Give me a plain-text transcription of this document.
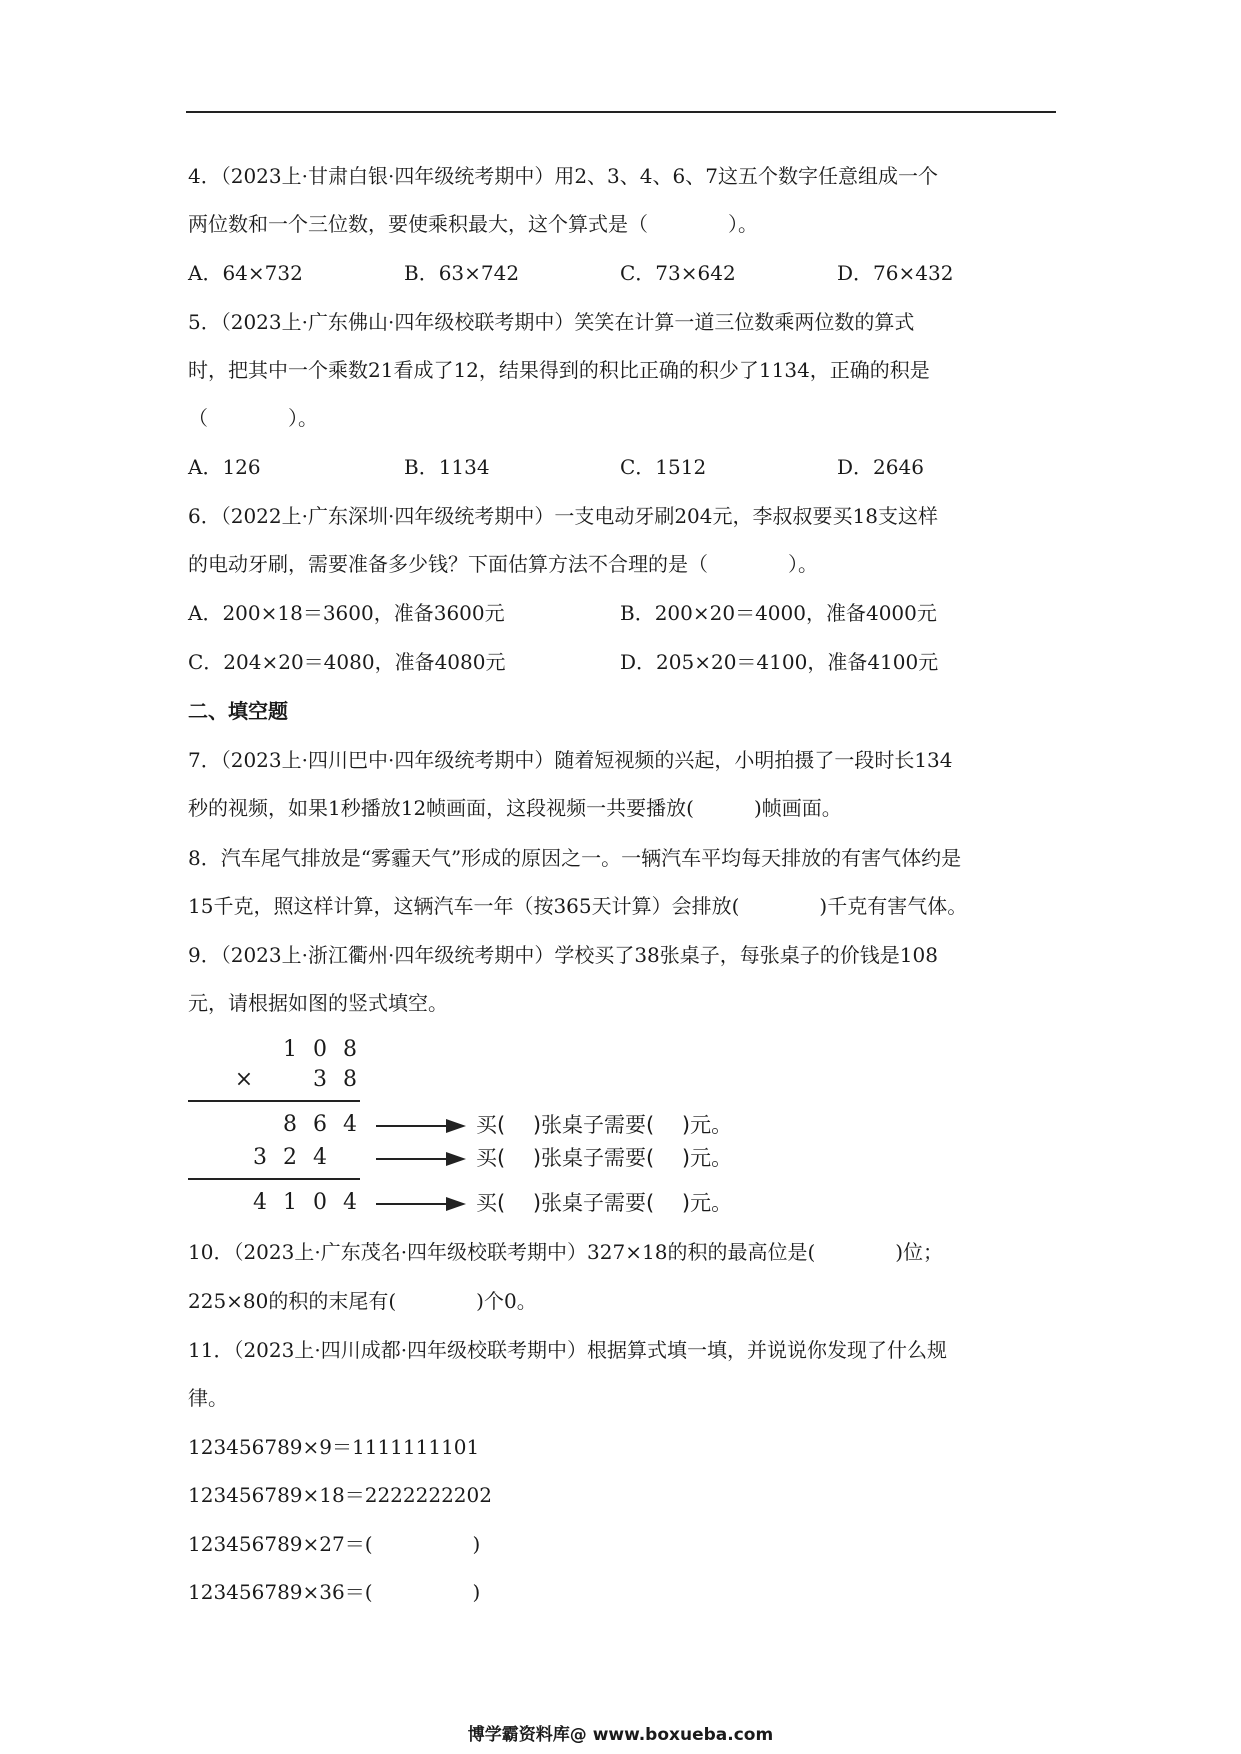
4．（2023上·甘肃白银·四年级统考期中）用2、3、4、6、7这五个数字任意组成一个
两位数和一个三位数，要使乘积最大，这个算式是（　　　　）。
A．64×732	B．63×742	C．73×642	D．76×432
5．（2023上·广东佛山·四年级校联考期中）笑笑在计算一道三位数乘两位数的算式
时，把其中一个乘数21看成了12，结果得到的积比正确的积少了1134，正确的积是
（　　　　）。
A．126	B．1134	C．1512	D．2646
6．（2022上·广东深圳·四年级统考期中）一支电动牙刷204元，李叔叔要买18支这样
的电动牙刷，需要准备多少钱？下面估算方法不合理的是（　　　　）。
A．200×18＝3600，准备3600元	B．200×20＝4000，准备4000元
C．204×20＝4080，准备4080元	D．205×20＝4100，准备4100元
二、填空题
7．（2023上·四川巴中·四年级统考期中）随着短视频的兴起，小明拍摄了一段时长134
秒的视频，如果1秒播放12帧画面，这段视频一共要播放(　　　)帧画面。
8．汽车尾气排放是“雾霾天气”形成的原因之一。一辆汽车平均每天排放的有害气体约是
15千克，照这样计算，这辆汽车一年（按365天计算）会排放(　　　　)千克有害气体。
9．（2023上·浙江衢州·四年级统考期中）学校买了38张桌子，每张桌子的价钱是108
元，请根据如图的竖式填空。
1 0 8
×	3 8
8 6 4
3 2 4
4 1 0 4
买(　 )张桌子需要(　 )元。
买(　 )张桌子需要(　 )元。
买(　 )张桌子需要(　 )元。
10．（2023上·广东茂名·四年级校联考期中）327×18的积的最高位是(　　　　)位；
225×80的积的末尾有(　　　　)个0。
11．（2023上·四川成都·四年级校联考期中）根据算式填一填，并说说你发现了什么规
律。
123456789×9＝1111111101
123456789×18＝2222222202
123456789×27＝(　　　　　)
123456789×36＝(　　　　　)
博学霸资料库@ www.boxueba.com
